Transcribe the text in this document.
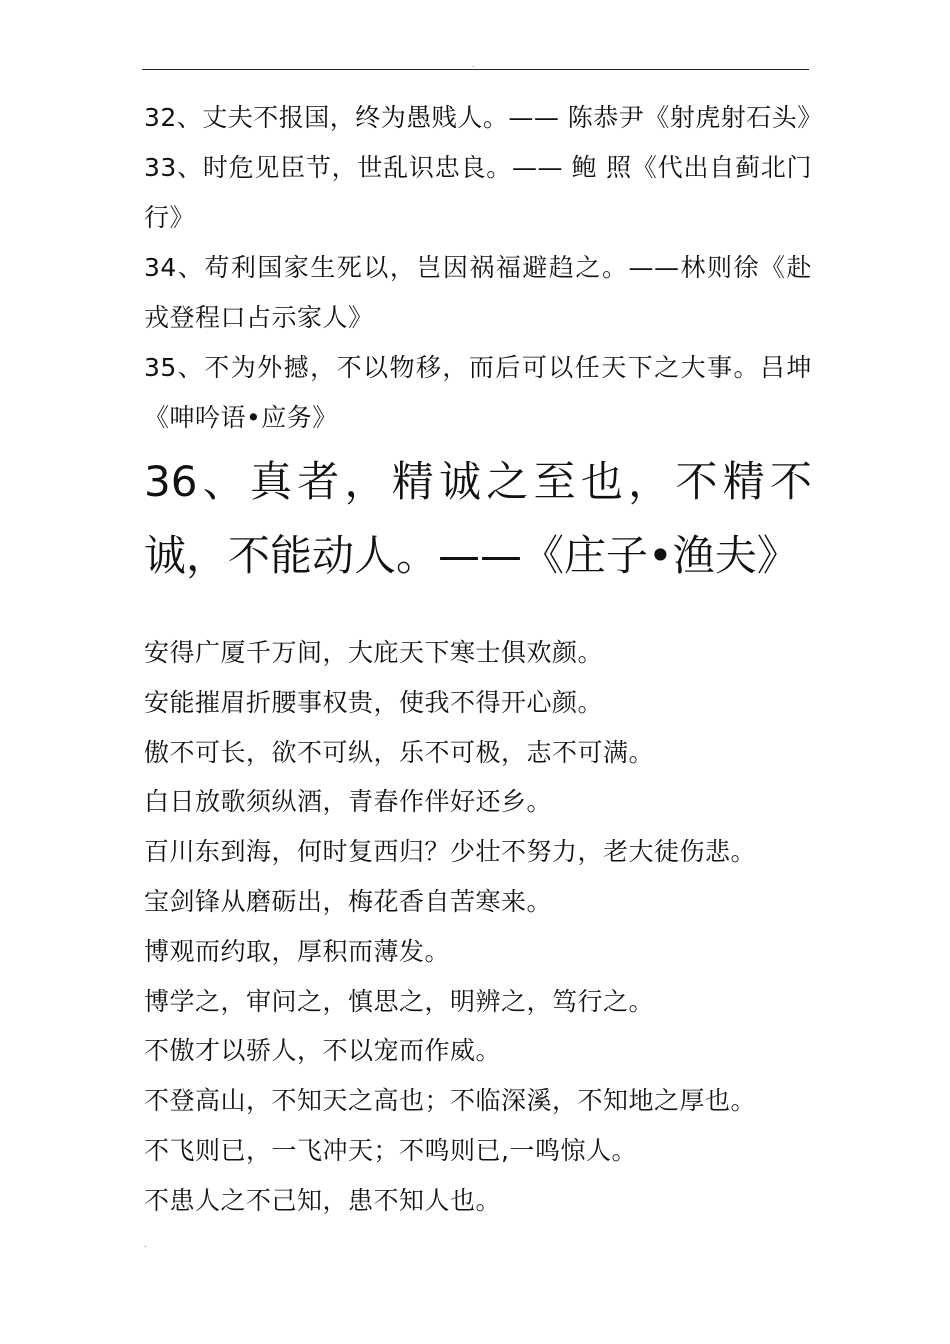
.

32、丈夫不报国，终为愚贱人。—— 陈恭尹《射虎射石头》

33、时危见臣节，世乱识忠良。—— 鲍 照《代出自蓟北门行》

34、苟利国家生死以，岂因祸福避趋之。——林则徐《赴戎登程口占示家人》

35、不为外撼，不以物移，而后可以任天下之大事。吕坤《呻吟语•应务》

36、真者，精诚之至也，不精不诚，不能动人。——《庄子•渔夫》

安得广厦千万间，大庇天下寒士俱欢颜。

安能摧眉折腰事权贵，使我不得开心颜。

傲不可长，欲不可纵，乐不可极，志不可满。

白日放歌须纵酒，青春作伴好还乡。

百川东到海，何时复西归？少壮不努力，老大徒伤悲。

宝剑锋从磨砺出，梅花香自苦寒来。

博观而约取，厚积而薄发。

博学之，审问之，慎思之，明辨之，笃行之。

不傲才以骄人，不以宠而作威。

不登高山，不知天之高也；不临深溪，不知地之厚也。

不飞则已，一飞冲天；不鸣则已,一鸣惊人。

不患人之不己知，患不知人也。

.
